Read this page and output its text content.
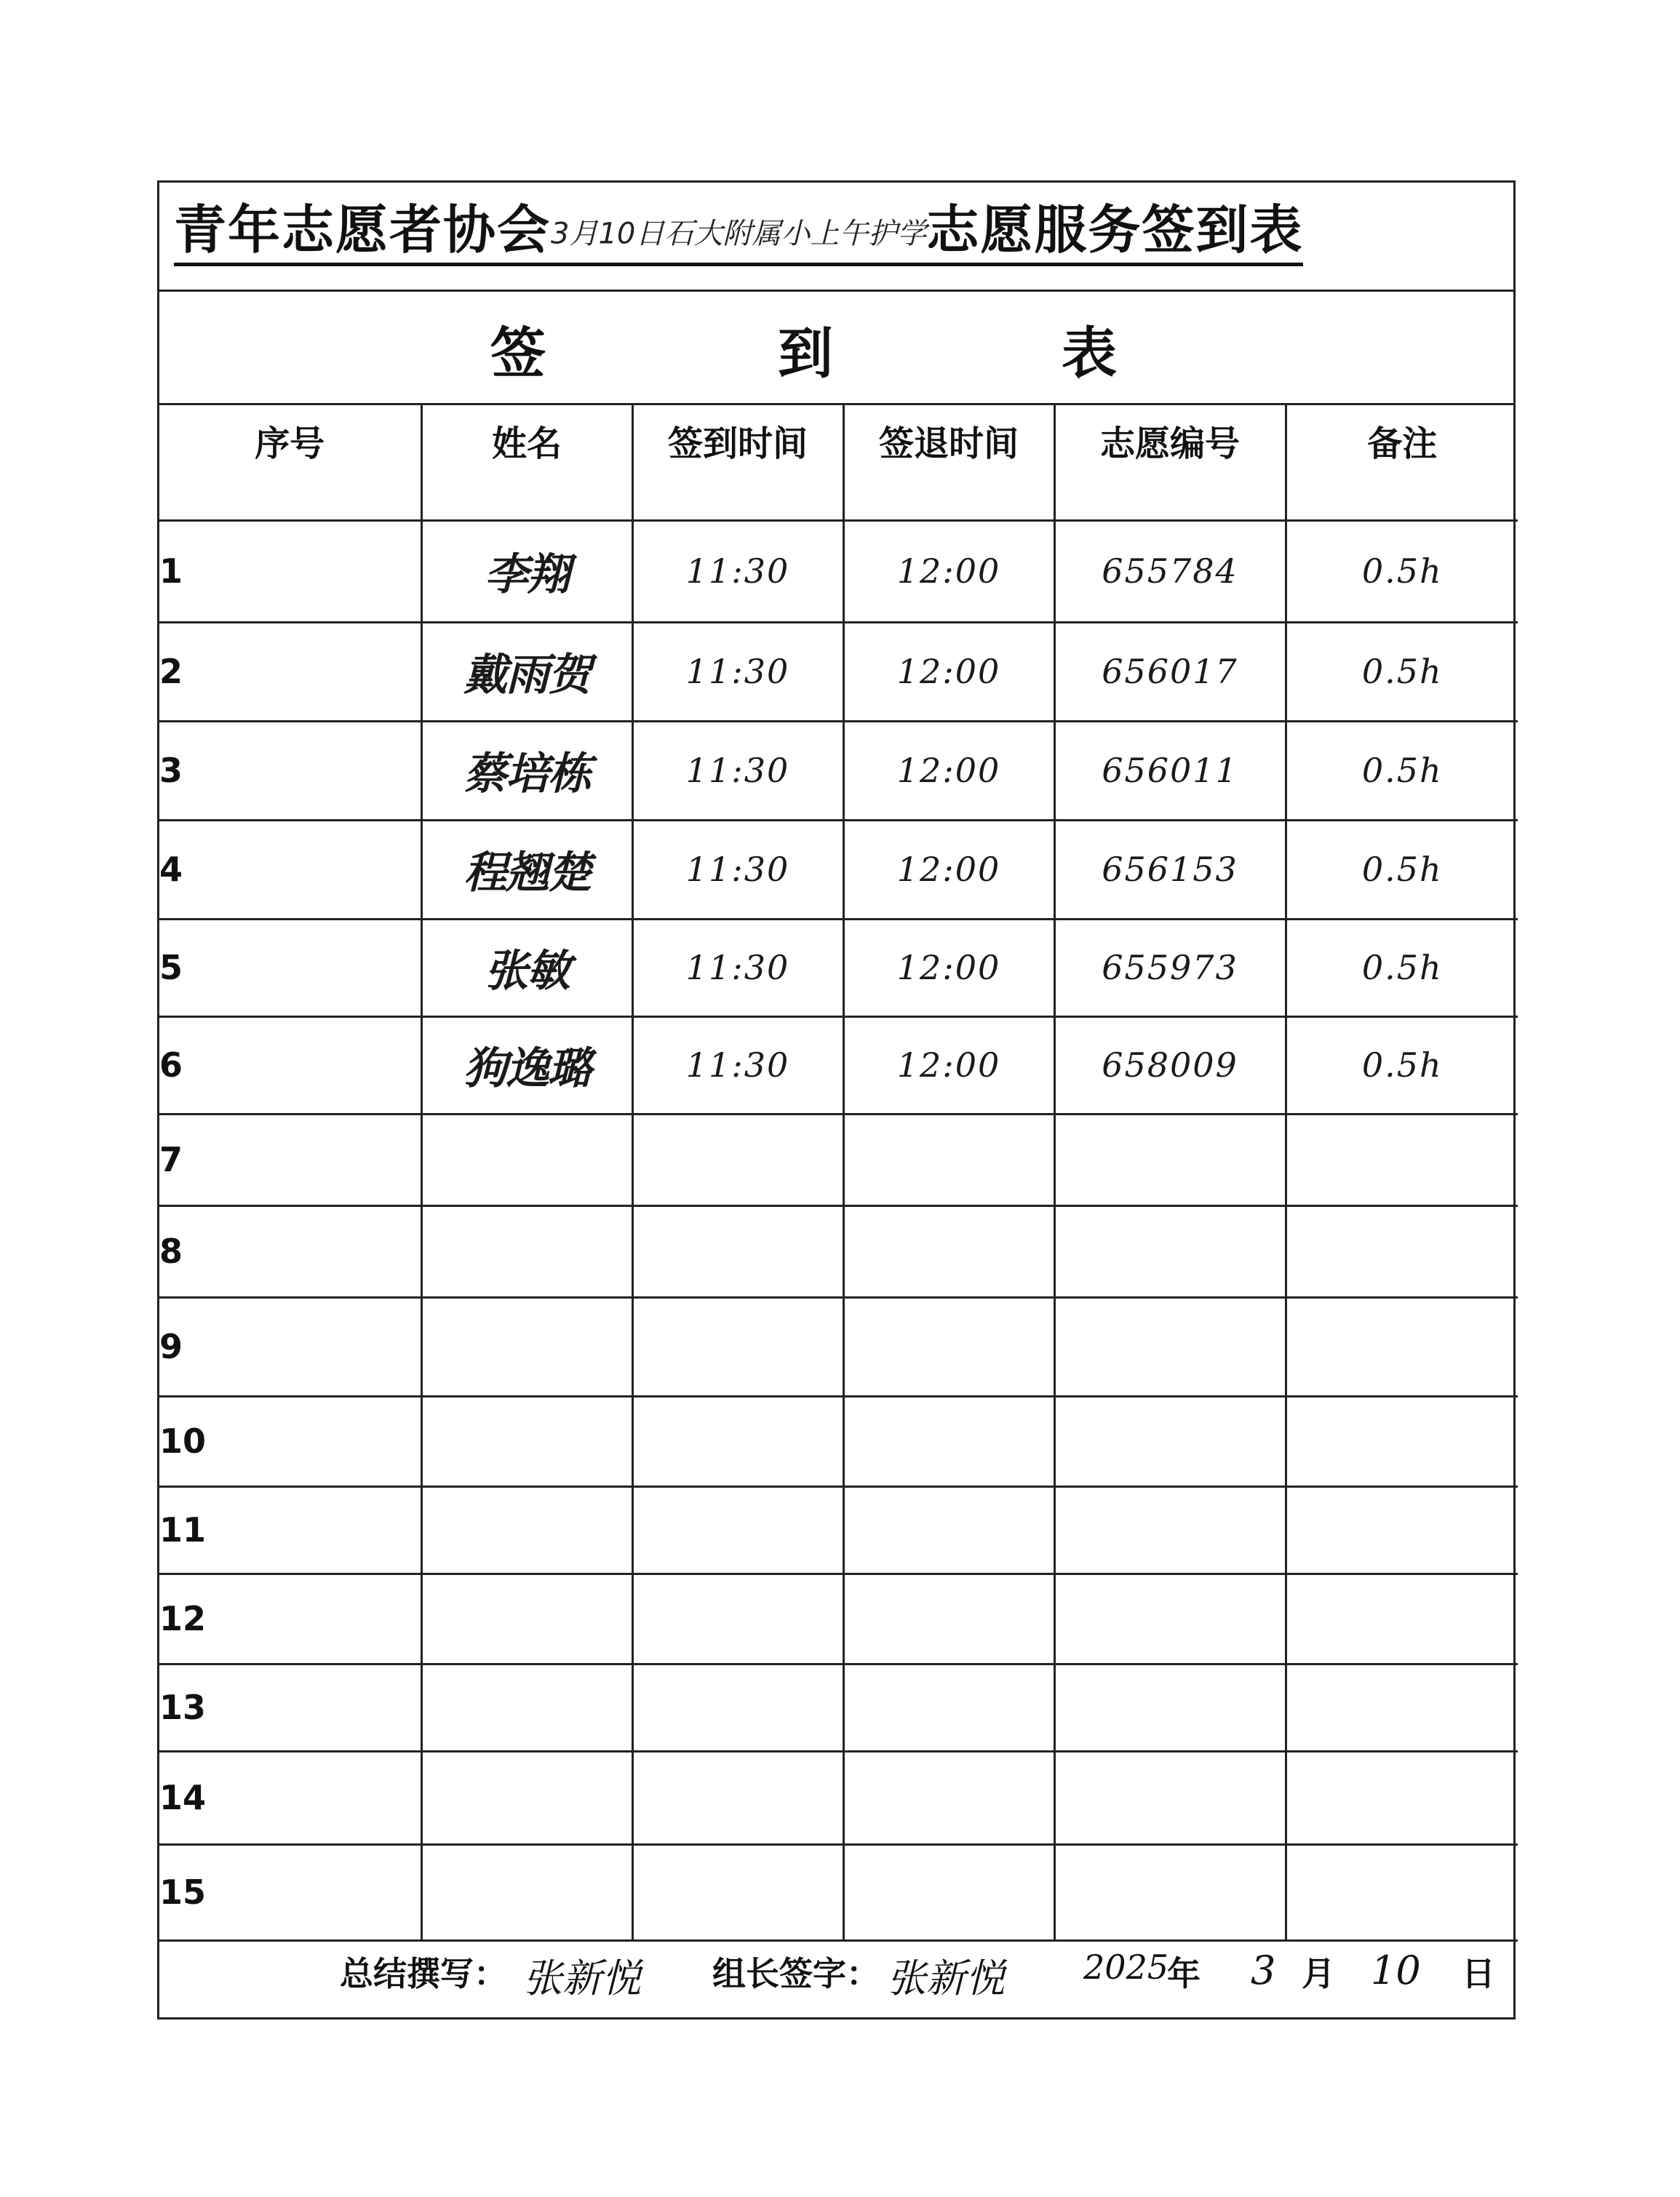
青年志愿者协会3月10日石大附属小上午护学志愿服务签到表
签	到	表
序号	姓名	签到时间	签退时间	志愿编号	备注
1	李翔	11:30	12:00	655784	0.5h
2	戴雨贺	11:30	12:00	656017	0.5h
3	蔡培栋	11:30	12:00	656011	0.5h
4	程翘楚	11:30	12:00	656153	0.5h
5	张敏	11:30	12:00	655973	0.5h
6	狗逸璐	11:30	12:00	658009	0.5h
7					
8					
9					
10					
11					
12					
13					
14					
15					
总结撰写： 张新悦 组长签字： 张新悦 2025
年 3 月 10 日
